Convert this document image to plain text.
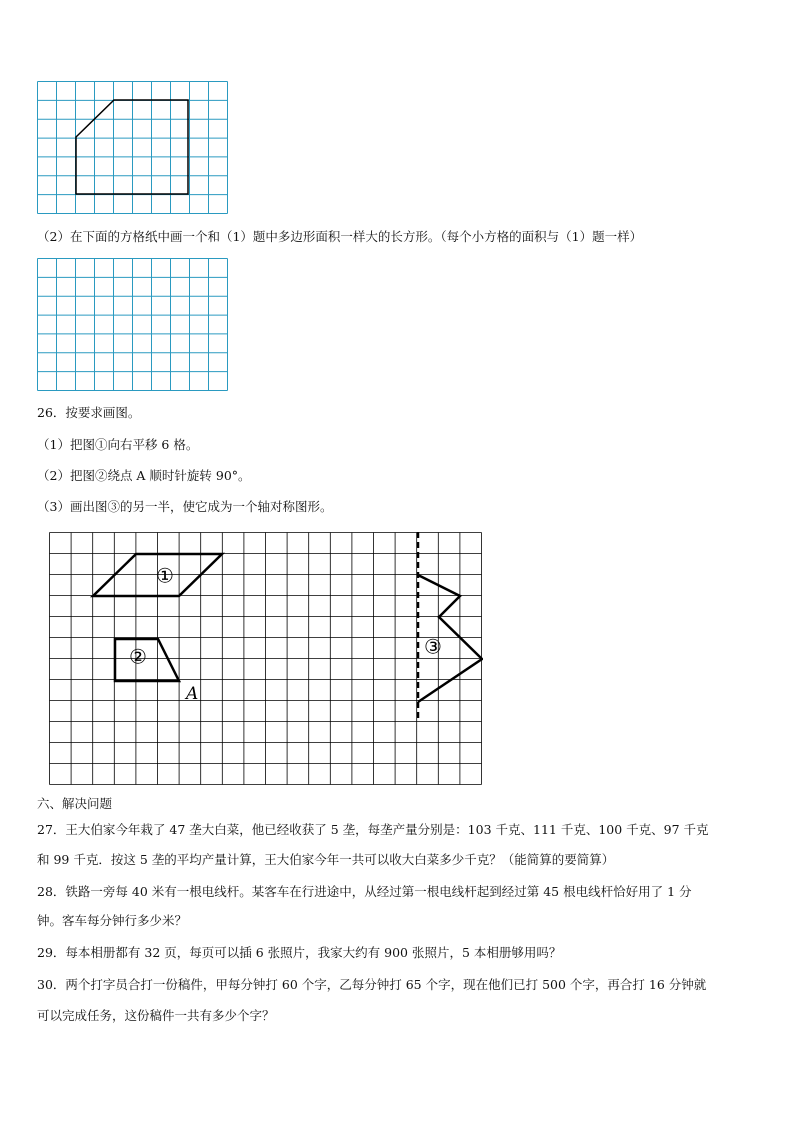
（2）在下面的方格纸中画一个和（1）题中多边形面积一样大的长方形。（每个小方格的面积与（1）题一样）
26．按要求画图。
（1）把图①向右平移 6 格。
（2）把图②绕点 A 顺时针旋转 90°。
（3）画出图③的另一半，使它成为一个轴对称图形。
①
②
A
③
六、解决问题
27．王大伯家今年栽了 47 垄大白菜，他已经收获了 5 垄，每垄产量分别是：103 千克、111 千克、100 千克、97 千克
和 99 千克．按这 5 垄的平均产量计算，王大伯家今年一共可以收大白菜多少千克？（能简算的要简算）
28．铁路一旁每 40 米有一根电线杆。某客车在行进途中，从经过第一根电线杆起到经过第 45 根电线杆恰好用了 1 分
钟。客车每分钟行多少米？
29．每本相册都有 32 页，每页可以插 6 张照片，我家大约有 900 张照片，5 本相册够用吗？
30．两个打字员合打一份稿件，甲每分钟打 60 个字，乙每分钟打 65 个字，现在他们已打 500 个字，再合打 16 分钟就
可以完成任务，这份稿件一共有多少个字？
